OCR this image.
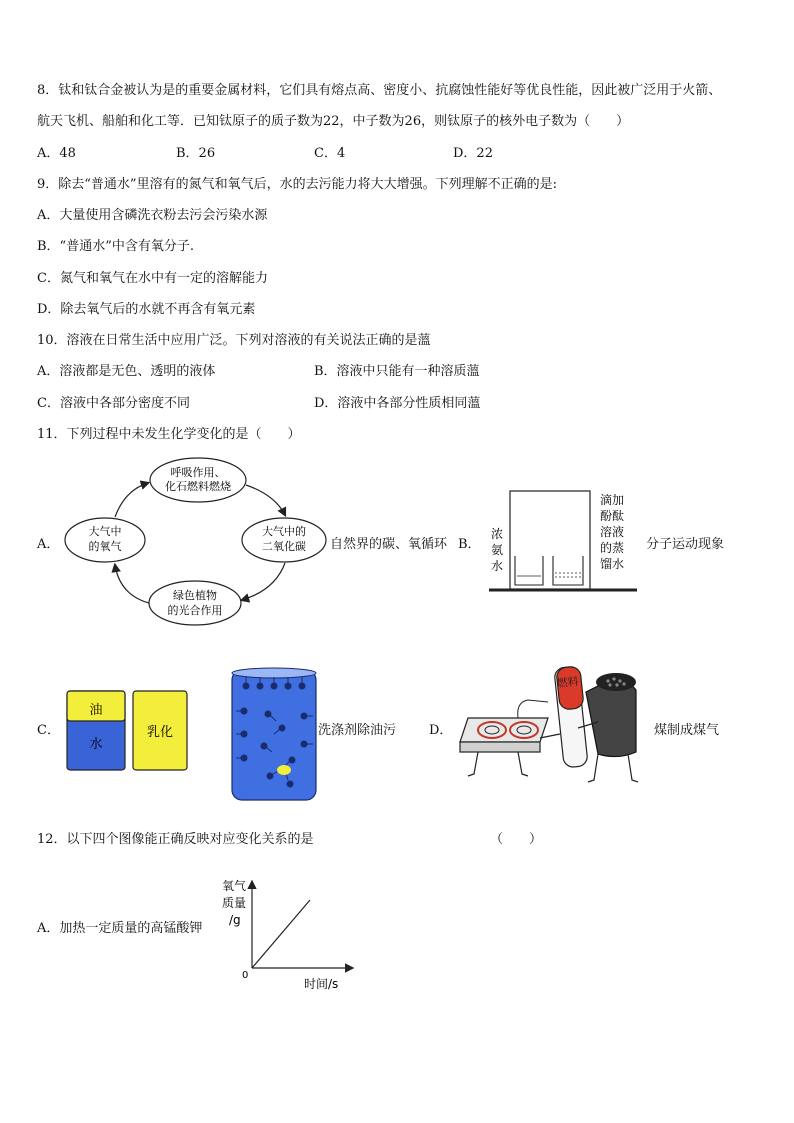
8．钛和钛合金被认为是的重要金属材料，它们具有熔点高、密度小、抗腐蚀性能好等优良性能，因此被广泛用于火箭、
航天飞机、船舶和化工等．已知钛原子的质子数为22，中子数为26，则钛原子的核外电子数为（　　）
A．48	B．26	C．4	D．22
9．除去“普通水”里溶有的氮气和氧气后，水的去污能力将大大增强。下列理解不正确的是:
A．大量使用含磷洗衣粉去污会污染水源
B．“普通水”中含有氧分子.
C．氮气和氧气在水中有一定的溶解能力
D．除去氧气后的水就不再含有氧元素
10．溶液在日常生活中应用广泛。下列对溶液的有关说法正确的是薀
A．溶液都是无色、透明的液体	B．溶液中只能有一种溶质薀
C．溶液中各部分密度不同	D．溶液中各部分性质相同薀
11．下列过程中未发生化学变化的是（　　）
A．
呼吸作用、
化石燃料燃烧
大气中
的氧气
大气中的
二氧化碳
绿色植物
的光合作用
自然界的碳、氧循环 B．
浓
氨
水
滴加
酚酞
溶液
的蒸
馏水
分子运动现象
C．
油
水
乳化	洗涤剂除油污	D．
燃料
煤制成煤气
12．以下四个图像能正确反映对应变化关系的是	（　　）
A．加热一定质量的高锰酸钾
氧气
质量
/g
0
时间/s
